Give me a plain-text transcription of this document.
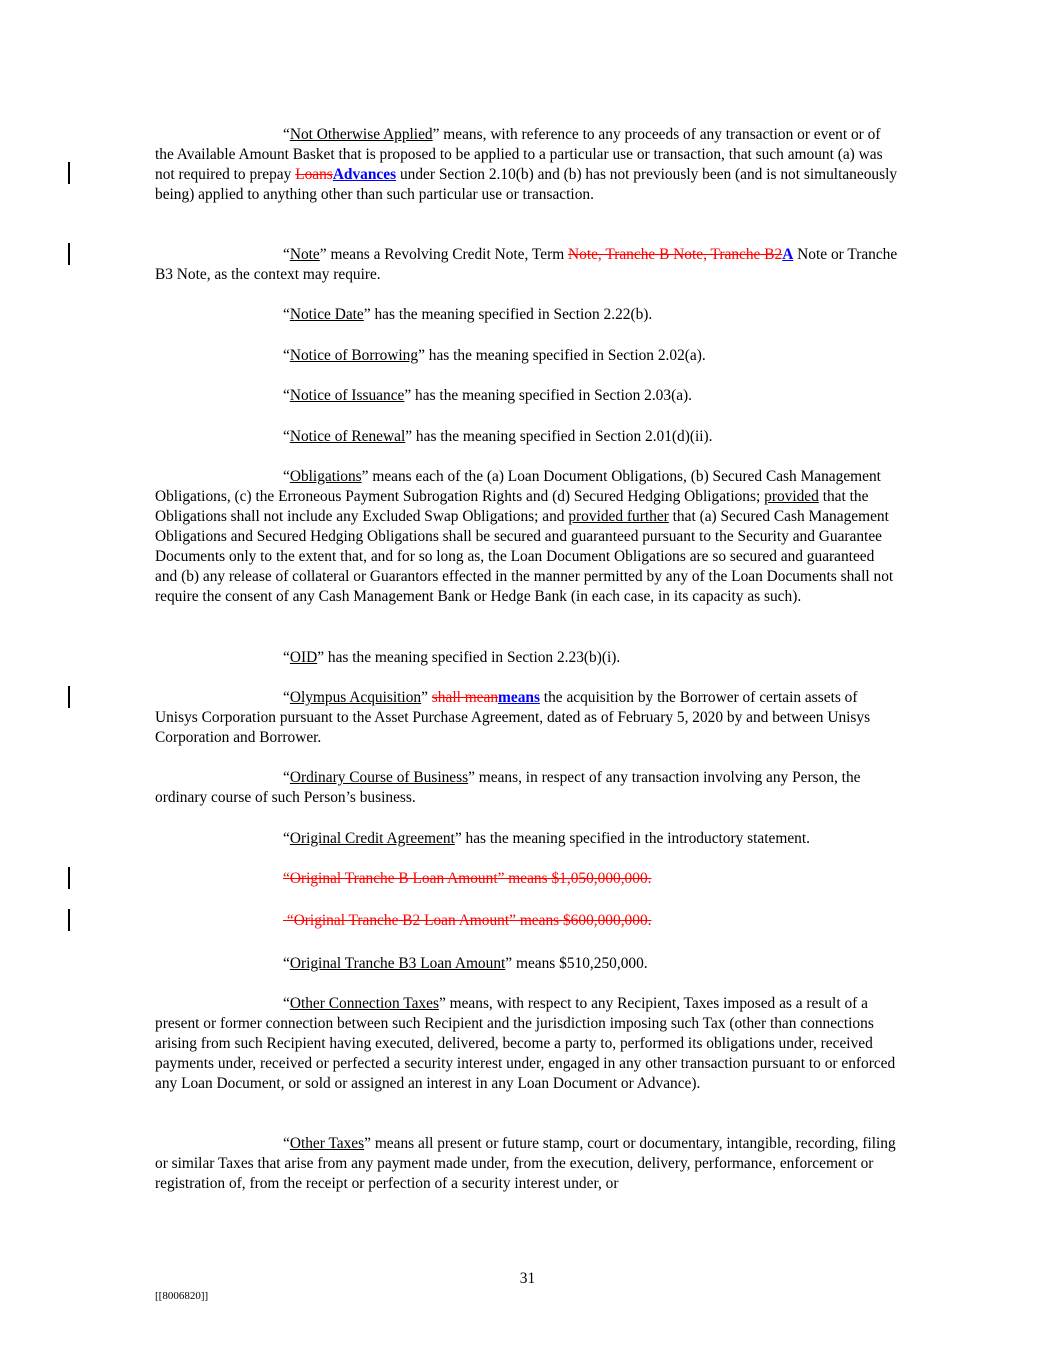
“Not Otherwise Applied” means, with reference to any proceeds of any transaction or event or of the Available Amount Basket that is proposed to be applied to a particular use or transaction, that such amount (a) was not required to prepay LoansAdvances under Section 2.10(b) and (b) has not previously been (and is not simultaneously being) applied to anything other than such particular use or transaction.

“Note” means a Revolving Credit Note, Term Note, Tranche B Note, Tranche B2A Note or Tranche B3 Note, as the context may require.

“Notice Date” has the meaning specified in Section 2.22(b).

“Notice of Borrowing” has the meaning specified in Section 2.02(a).

“Notice of Issuance” has the meaning specified in Section 2.03(a).

“Notice of Renewal” has the meaning specified in Section 2.01(d)(ii).

“Obligations” means each of the (a) Loan Document Obligations, (b) Secured Cash Management Obligations, (c) the Erroneous Payment Subrogation Rights and (d) Secured Hedging Obligations; provided that the Obligations shall not include any Excluded Swap Obligations; and provided further that (a) Secured Cash Management Obligations and Secured Hedging Obligations shall be secured and guaranteed pursuant to the Security and Guarantee Documents only to the extent that, and for so long as, the Loan Document Obligations are so secured and guaranteed and (b) any release of collateral or Guarantors effected in the manner permitted by any of the Loan Documents shall not require the consent of any Cash Management Bank or Hedge Bank (in each case, in its capacity as such).

“OID” has the meaning specified in Section 2.23(b)(i).

“Olympus Acquisition” shall meanmeans the acquisition by the Borrower of certain assets of Unisys Corporation pursuant to the Asset Purchase Agreement, dated as of February 5, 2020 by and between Unisys Corporation and Borrower.

“Ordinary Course of Business” means, in respect of any transaction involving any Person, the ordinary course of such Person’s business.

“Original Credit Agreement” has the meaning specified in the introductory statement.

“Original Tranche B Loan Amount” means $1,050,000,000.

“Original Tranche B2 Loan Amount” means $600,000,000.

“Original Tranche B3 Loan Amount” means $510,250,000.

“Other Connection Taxes” means, with respect to any Recipient, Taxes imposed as a result of a present or former connection between such Recipient and the jurisdiction imposing such Tax (other than connections arising from such Recipient having executed, delivered, become a party to, performed its obligations under, received payments under, received or perfected a security interest under, engaged in any other transaction pursuant to or enforced any Loan Document, or sold or assigned an interest in any Loan Document or Advance).

“Other Taxes” means all present or future stamp, court or documentary, intangible, recording, filing or similar Taxes that arise from any payment made under, from the execution, delivery, performance, enforcement or registration of, from the receipt or perfection of a security interest under, or

31
[[8006820]]
